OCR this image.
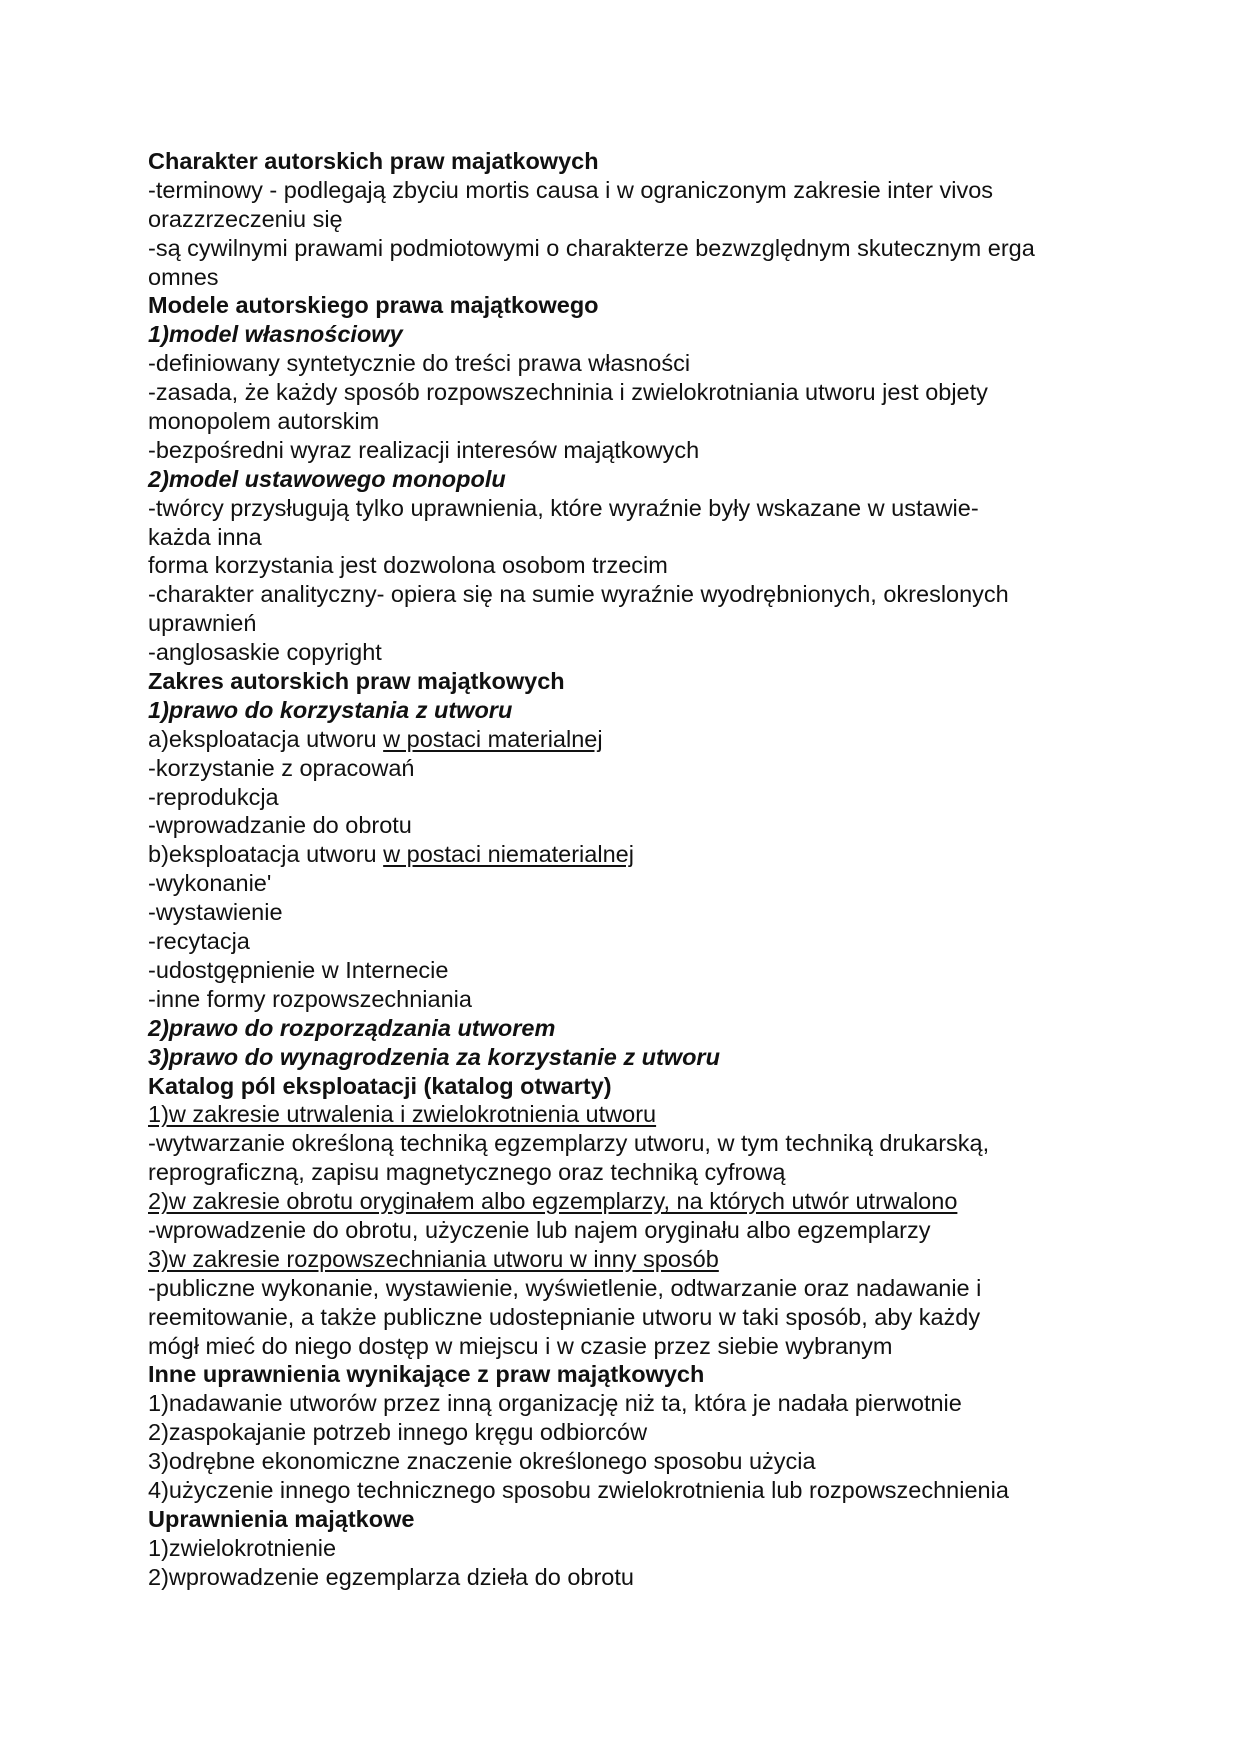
Charakter autorskich praw majatkowych
-terminowy - podlegają zbyciu mortis causa i w ograniczonym zakresie inter vivos
orazzrzeczeniu się
-są cywilnymi prawami podmiotowymi o charakterze bezwzględnym skutecznym erga
omnes
Modele autorskiego prawa majątkowego
1)model własnościowy
-definiowany syntetycznie do treści prawa własności
-zasada, że każdy sposób rozpowszechninia i zwielokrotniania utworu jest objety
monopolem autorskim
-bezpośredni wyraz realizacji interesów majątkowych
2)model ustawowego monopolu
-twórcy przysługują tylko uprawnienia, które wyraźnie były wskazane w ustawie-
każda inna
forma korzystania jest dozwolona osobom trzecim
-charakter analityczny- opiera się na sumie wyraźnie wyodrębnionych, okreslonych
uprawnień
-anglosaskie copyright
Zakres autorskich praw majątkowych
1)prawo do korzystania z utworu
a)eksploatacja utworu w postaci materialnej
-korzystanie z opracowań
-reprodukcja
-wprowadzanie do obrotu
b)eksploatacja utworu w postaci niematerialnej
-wykonanie'
-wystawienie
-recytacja
-udostgępnienie w Internecie
-inne formy rozpowszechniania
2)prawo do rozporządzania utworem
3)prawo do wynagrodzenia za korzystanie z utworu
Katalog pól eksploatacji (katalog otwarty)
1)w zakresie utrwalenia i zwielokrotnienia utworu
-wytwarzanie określoną techniką egzemplarzy utworu, w tym techniką drukarską,
reprograficzną, zapisu magnetycznego oraz techniką cyfrową
2)w zakresie obrotu oryginałem albo egzemplarzy, na których utwór utrwalono
-wprowadzenie do obrotu, użyczenie lub najem oryginału albo egzemplarzy
3)w zakresie rozpowszechniania utworu w inny sposób
-publiczne wykonanie, wystawienie, wyświetlenie, odtwarzanie oraz nadawanie i
reemitowanie, a także publiczne udostepnianie utworu w taki sposób, aby każdy
mógł mieć do niego dostęp w miejscu i w czasie przez siebie wybranym
Inne uprawnienia wynikające z praw majątkowych
1)nadawanie utworów przez inną organizację niż ta, która je nadała pierwotnie
2)zaspokajanie potrzeb innego kręgu odbiorców
3)odrębne ekonomiczne znaczenie określonego sposobu użycia
4)użyczenie innego technicznego sposobu zwielokrotnienia lub rozpowszechnienia
Uprawnienia majątkowe
1)zwielokrotnienie
2)wprowadzenie egzemplarza dzieła do obrotu
